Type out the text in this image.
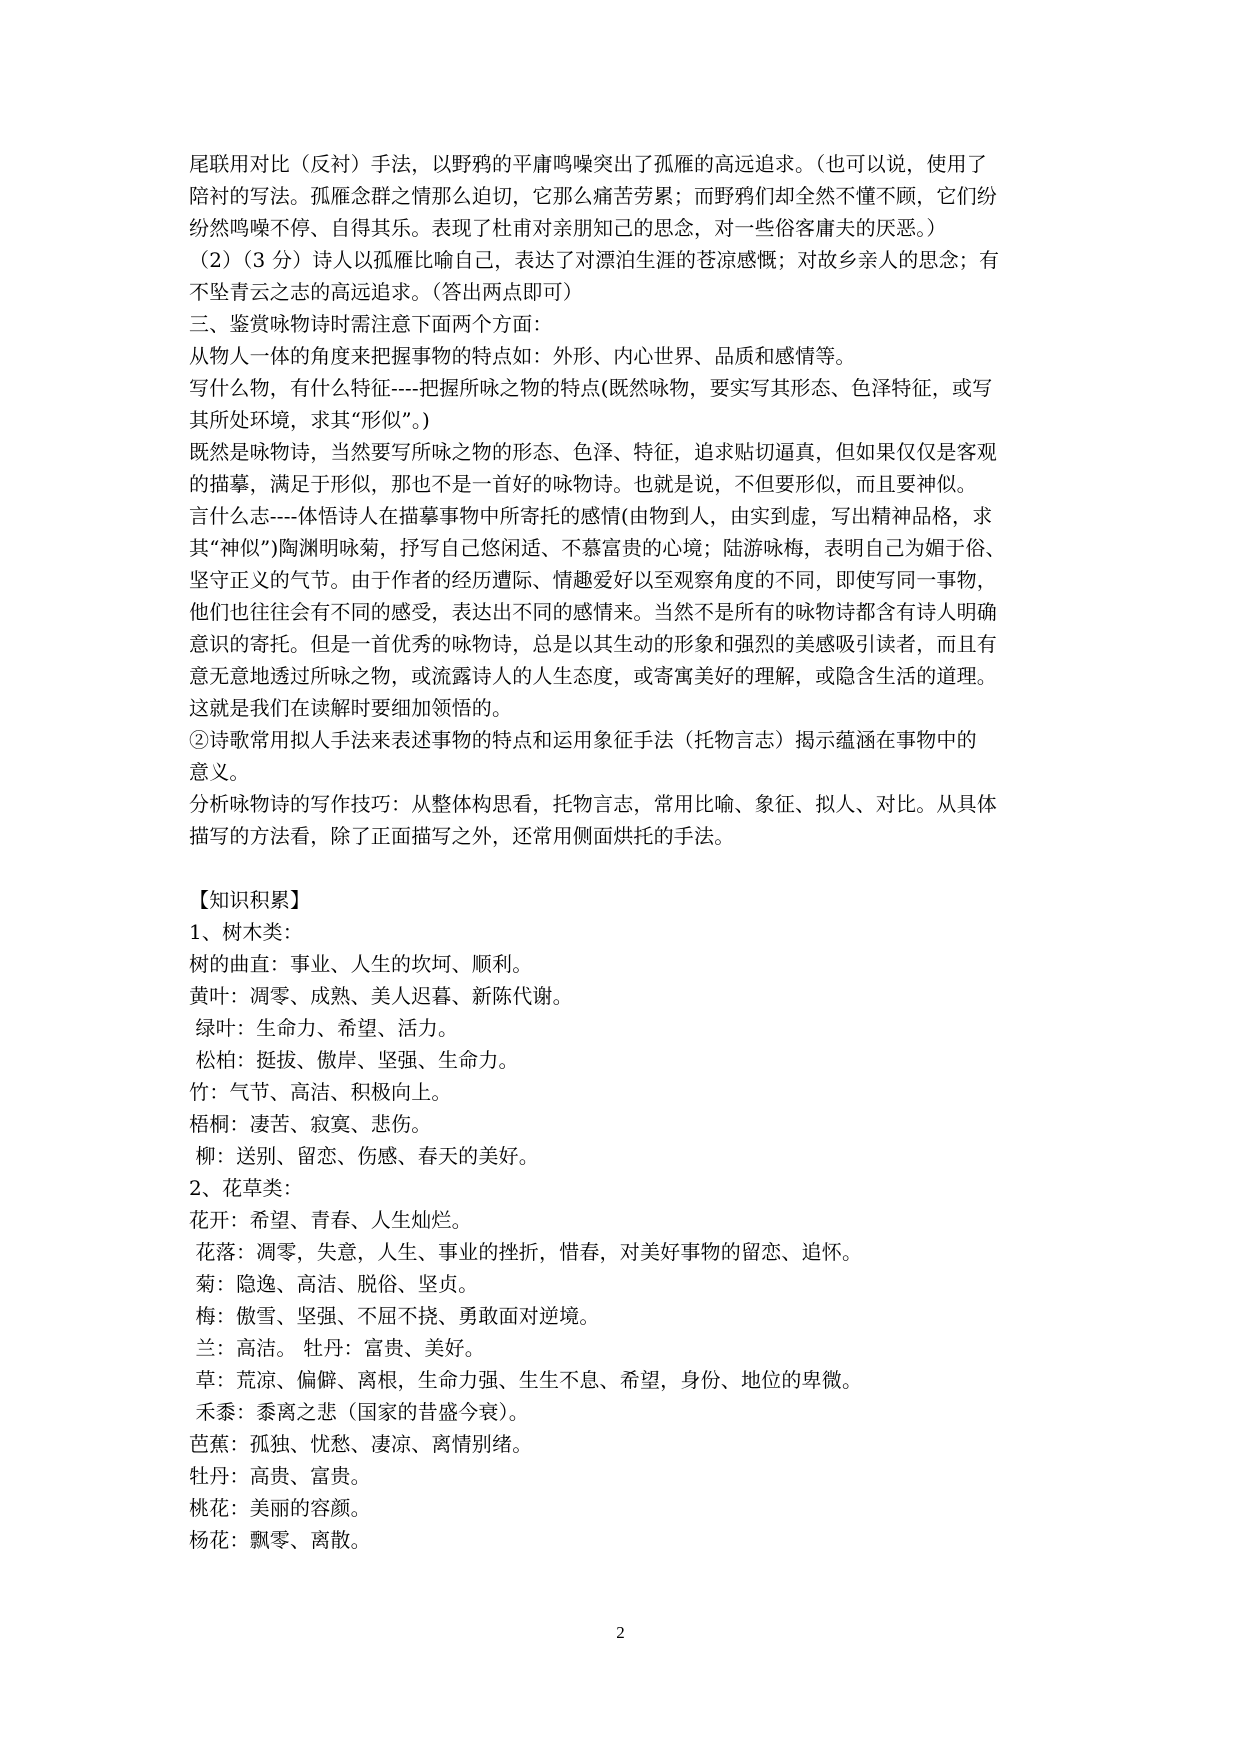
尾联用对比（反衬）手法，以野鸦的平庸鸣噪突出了孤雁的高远追求。（也可以说，使用了
陪衬的写法。孤雁念群之情那么迫切，它那么痛苦劳累；而野鸦们却全然不懂不顾，它们纷
纷然鸣噪不停、自得其乐。表现了杜甫对亲朋知己的思念，对一些俗客庸夫的厌恶。）
（2）（3 分）诗人以孤雁比喻自己，表达了对漂泊生涯的苍凉感慨；对故乡亲人的思念；有
不坠青云之志的高远追求。（答出两点即可）
三、鉴赏咏物诗时需注意下面两个方面：
从物人一体的角度来把握事物的特点如：外形、内心世界、品质和感情等。
写什么物，有什么特征----把握所咏之物的特点(既然咏物，要实写其形态、色泽特征，或写
其所处环境，求其“形似”。)
既然是咏物诗，当然要写所咏之物的形态、色泽、特征，追求贴切逼真，但如果仅仅是客观
的描摹，满足于形似，那也不是一首好的咏物诗。也就是说，不但要形似，而且要神似。
言什么志----体悟诗人在描摹事物中所寄托的感情(由物到人，由实到虚，写出精神品格，求
其“神似”)陶渊明咏菊，抒写自己悠闲适、不慕富贵的心境；陆游咏梅，表明自己为媚于俗、
坚守正义的气节。由于作者的经历遭际、情趣爱好以至观察角度的不同，即使写同一事物，
他们也往往会有不同的感受，表达出不同的感情来。当然不是所有的咏物诗都含有诗人明确
意识的寄托。但是一首优秀的咏物诗，总是以其生动的形象和强烈的美感吸引读者，而且有
意无意地透过所咏之物，或流露诗人的人生态度，或寄寓美好的理解，或隐含生活的道理。
这就是我们在读解时要细加领悟的。
②诗歌常用拟人手法来表述事物的特点和运用象征手法（托物言志）揭示蕴涵在事物中的
意义。
分析咏物诗的写作技巧：从整体构思看，托物言志，常用比喻、象征、拟人、对比。从具体
描写的方法看，除了正面描写之外，还常用侧面烘托的手法。
【知识积累】
1、树木类：
树的曲直：事业、人生的坎坷、顺利。
黄叶：凋零、成熟、美人迟暮、新陈代谢。
绿叶：生命力、希望、活力。
松柏：挺拔、傲岸、坚强、生命力。
竹：气节、高洁、积极向上。
梧桐：凄苦、寂寞、悲伤。
柳：送别、留恋、伤感、春天的美好。
2、花草类：
花开：希望、青春、人生灿烂。
花落：凋零，失意，人生、事业的挫折，惜春，对美好事物的留恋、追怀。
菊：隐逸、高洁、脱俗、坚贞。
梅：傲雪、坚强、不屈不挠、勇敢面对逆境。
兰：高洁。 牡丹：富贵、美好。
草：荒凉、偏僻、离根，生命力强、生生不息、希望，身份、地位的卑微。
禾黍：黍离之悲（国家的昔盛今衰）。
芭蕉：孤独、忧愁、凄凉、离情别绪。
牡丹：高贵、富贵。
桃花：美丽的容颜。
杨花：飘零、离散。
2
